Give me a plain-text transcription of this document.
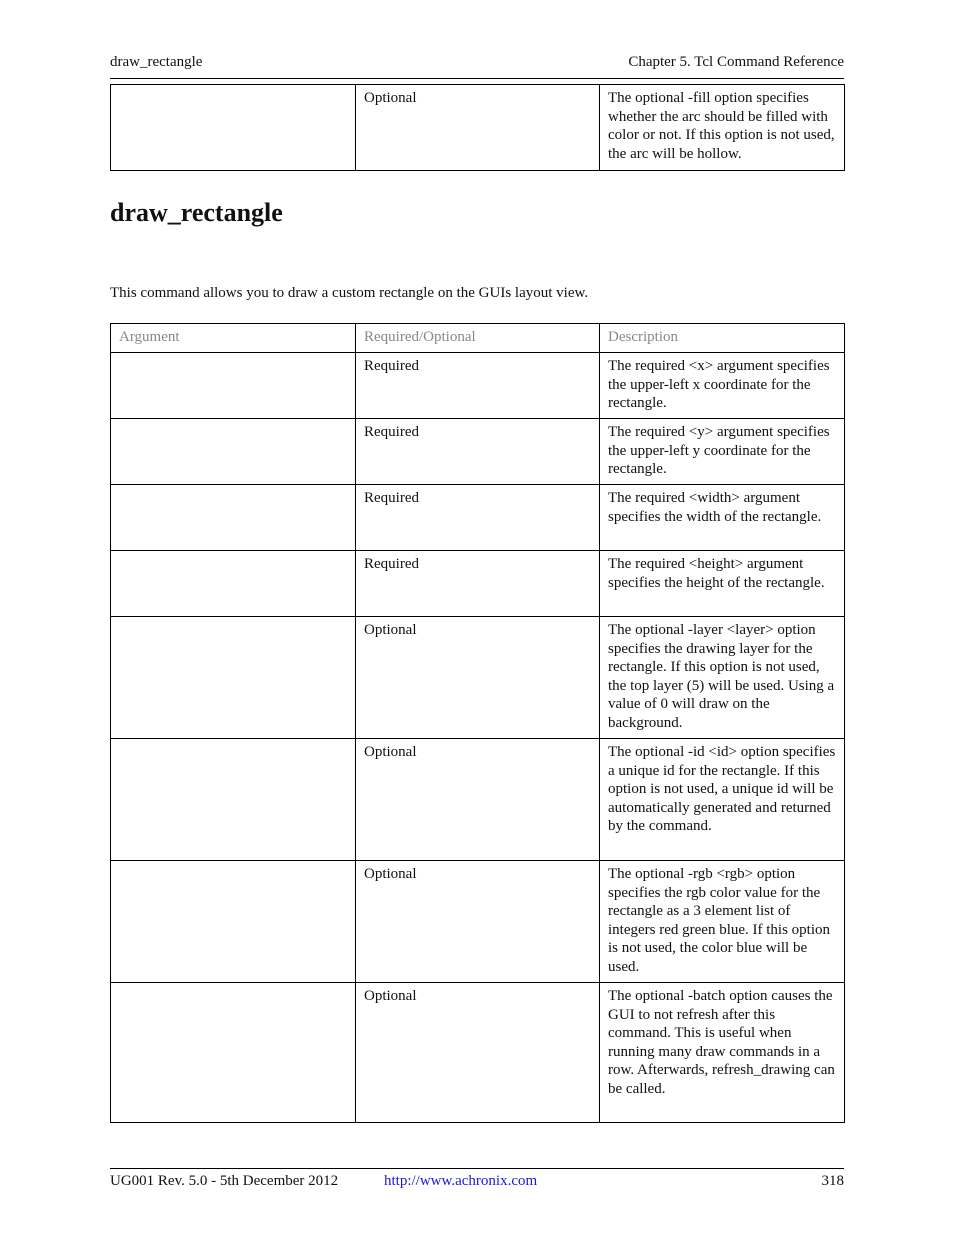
draw_rectangle	Chapter 5. Tcl Command Reference
	Optional	The optional -fill option specifies whether the arc should be filled with color or not. If this option is not used, the arc will be hollow.
draw_rectangle
This command allows you to draw a custom rectangle on the GUIs layout view.
Argument	Required/Optional	Description
	Required	The required <x> argument specifies the upper-left x coordinate for the rectangle.
	Required	The required <y> argument specifies the upper-left y coordinate for the rectangle.
	Required	The required <width> argument specifies the width of the rectangle.
	Required	The required <height> argument specifies the height of the rectangle.
	Optional	The optional -layer <layer> option specifies the drawing layer for the rectangle. If this option is not used, the top layer (5) will be used. Using a value of 0 will draw on the background.
	Optional	The optional -id <id> option specifies a unique id for the rectangle. If this option is not used, a unique id will be automatically generated and returned by the command.
	Optional	The optional -rgb <rgb> option specifies the rgb color value for the rectangle as a 3 element list of integers red green blue. If this option is not used, the color blue will be used.
	Optional	The optional -batch option causes the GUI to not refresh after this command. This is useful when running many draw commands in a row. Afterwards, refresh_drawing can be called.
UG001 Rev. 5.0 - 5th December 2012	http://www.achronix.com	318
